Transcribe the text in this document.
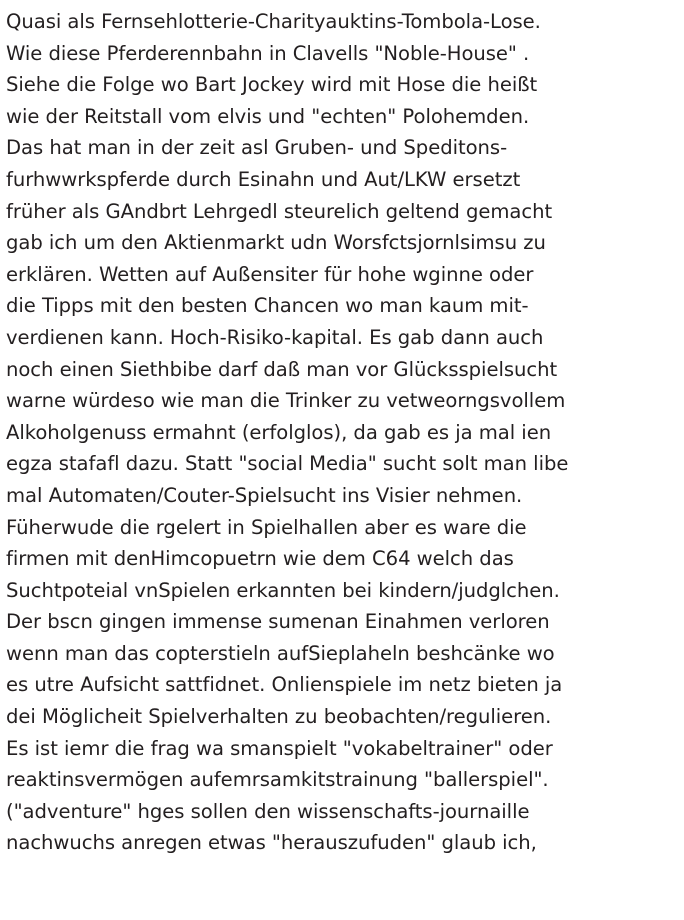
Quasi als Fernsehlotterie-Charityauktins-Tombola-Lose.
Wie diese Pferderennbahn in Clavells "Noble-House" .
Siehe die Folge wo Bart Jockey wird mit Hose die heißt
wie der Reitstall vom elvis und "echten" Polohemden.
Das hat man in der zeit asl Gruben- und Speditons-
furhwwrkspferde durch Esinahn und Aut/LKW ersetzt
früher als GAndbrt Lehrgedl steurelich geltend gemacht
gab ich um den Aktienmarkt udn Worsfctsjornlsimsu zu
erklären. Wetten auf Außensiter für hohe wginne oder
die Tipps mit den besten Chancen wo man kaum mit-
verdienen kann. Hoch-Risiko-kapital. Es gab dann auch
noch einen Siethbibe darf daß man vor Glücksspielsucht
warne würdeso wie man die Trinker zu vetweorngsvollem
Alkoholgenuss ermahnt (erfolglos), da gab es ja mal ien
egza stafafl dazu. Statt "social Media" sucht solt man libe
mal Automaten/Couter-Spielsucht ins Visier nehmen.
Füherwude die rgelert in Spielhallen aber es ware die
firmen mit denHimcopuetrn wie dem C64 welch das
Suchtpoteial vnSpielen erkannten bei kindern/judglchen.
Der bscn gingen immense sumenan Einahmen verloren
wenn man das copterstieln aufSieplaheln beshcänke wo
es utre Aufsicht sattfidnet. Onlienspiele im netz bieten ja
dei Möglicheit Spielverhalten zu beobachten/regulieren.
Es ist iemr die frag wa smanspielt "vokabeltrainer" oder
reaktinsvermögen aufemrsamkitstrainung "ballerspiel".
("adventure" hges sollen den wissenschafts-journaille
nachwuchs anregen etwas "herauszufuden" glaub ich,
